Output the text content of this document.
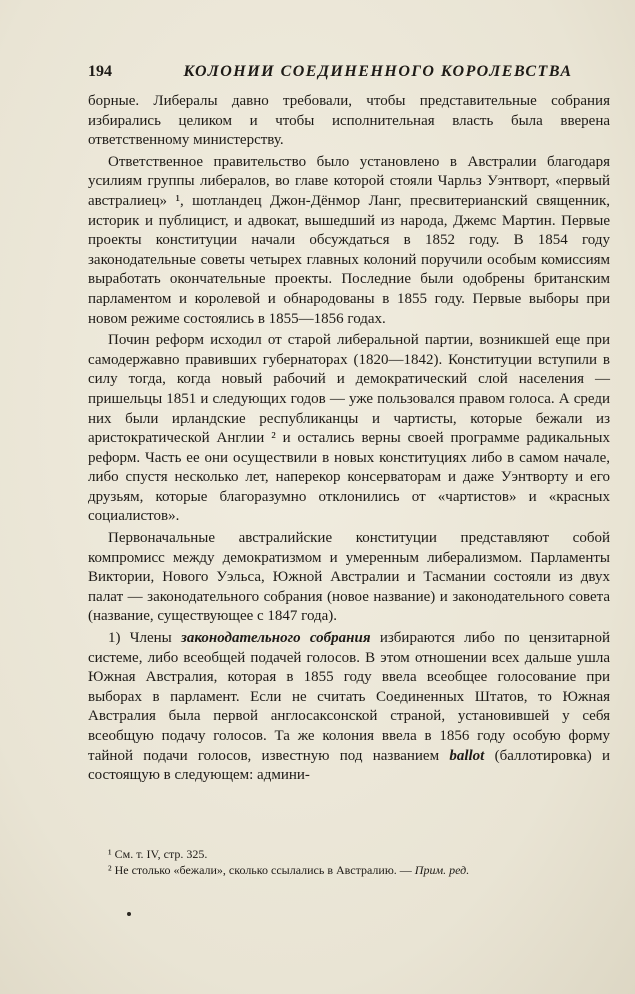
194	КОЛОНИИ СОЕДИНЕННОГО КОРОЛЕВСТВА

борные. Либералы давно требовали, чтобы представительные собрания избирались целиком и чтобы исполнительная власть была вверена ответственному министерству.

Ответственное правительство было установлено в Австралии благодаря усилиям группы либералов, во главе которой стояли Чарльз Уэнтворт, «первый австралиец» ¹, шотландец Джон-Дёнмор Ланг, пресвитерианский священник, историк и публицист, и адвокат, вышедший из народа, Джемс Мартин. Первые проекты конституции начали обсуждаться в 1852 году. В 1854 году законодательные советы четырех главных колоний поручили особым комиссиям выработать окончательные проекты. Последние были одобрены британским парламентом и королевой и обнародованы в 1855 году. Первые выборы при новом режиме состоялись в 1855—1856 годах.

Почин реформ исходил от старой либеральной партии, возникшей еще при самодержавно правивших губернаторах (1820—1842). Конституции вступили в силу тогда, когда новый рабочий и демократический слой населения — пришельцы 1851 и следующих годов — уже пользовался правом голоса. А среди них были ирландские республиканцы и чартисты, которые бежали из аристократической Англии ² и остались верны своей программе радикальных реформ. Часть ее они осуществили в новых конституциях либо в самом начале, либо спустя несколько лет, наперекор консерваторам и даже Уэнтворту и его друзьям, которые благоразумно отклонились от «чартистов» и «красных социалистов».

Первоначальные австралийские конституции представляют собой компромисс между демократизмом и умеренным либерализмом. Парламенты Виктории, Нового Уэльса, Южной Австралии и Тасмании состояли из двух палат — законодательного собрания (новое название) и законодательного совета (название, существующее с 1847 года).

1) Члены законодательного собрания избираются либо по цензитарной системе, либо всеобщей подачей голосов. В этом отношении всех дальше ушла Южная Австралия, которая в 1855 году ввела всеобщее голосование при выборах в парламент. Если не считать Соединенных Штатов, то Южная Австралия была первой англосаксонской страной, установившей у себя всеобщую подачу голосов. Та же колония ввела в 1856 году особую форму тайной подачи голосов, известную под названием ballot (баллотировка) и состоящую в следующем: админи-

¹ См. т. IV, стр. 325.

² Не столько «бежали», сколько ссылались в Австралию. — Прим. ред.
